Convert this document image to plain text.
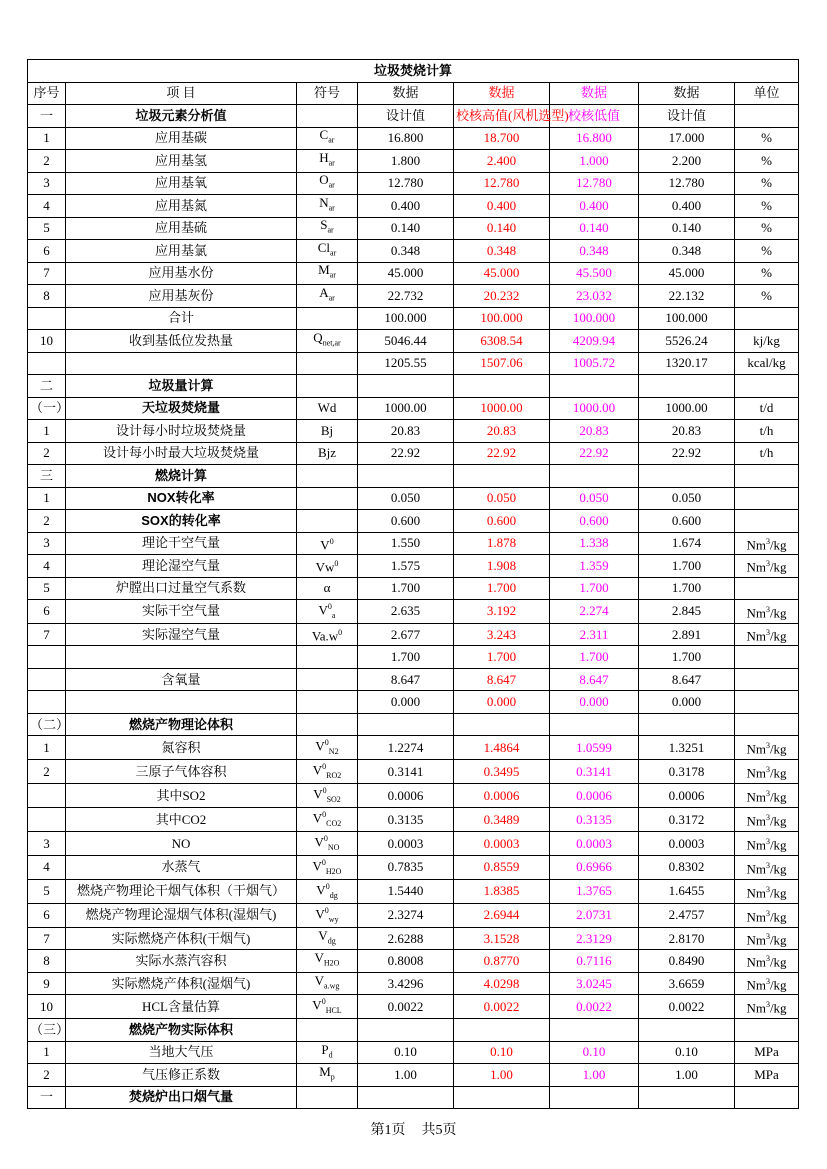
垃圾焚烧计算							
序号	项 目	符号	数据	数据	数据	数据	单位
一	垃圾元素分析值		设计值	校核高值(风机选型)	校核低值	设计值	
1	应用基碳	$C_{ar}$	16.800	18.700	16.800	17.000	%
2	应用基氢	$H_{ar}$	1.800	2.400	1.000	2.200	%
3	应用基氧	$O_{ar}$	12.780	12.780	12.780	12.780	%
4	应用基氮	$N_{ar}$	0.400	0.400	0.400	0.400	%
5	应用基硫	$S_{ar}$	0.140	0.140	0.140	0.140	%
6	应用基氯	$Cl_{ar}$	0.348	0.348	0.348	0.348	%
7	应用基水份	$M_{ar}$	45.000	45.000	45.500	45.000	%
8	应用基灰份	$A_{ar}$	22.732	20.232	23.032	22.132	%
	合计		100.000	100.000	100.000	100.000	
10	收到基低位发热量	$Q_{net,ar}$	5046.44	6308.54	4209.94	5526.24	kj/kg
			1205.55	1507.06	1005.72	1320.17	kcal/kg
二	垃圾量计算						
（一）	天垃圾焚烧量	Wd	1000.00	1000.00	1000.00	1000.00	t/d
1	设计每小时垃圾焚烧量	Bj	20.83	20.83	20.83	20.83	t/h
2	设计每小时最大垃圾焚烧量	Bjz	22.92	22.92	22.92	22.92	t/h
三	燃烧计算						
1	NOX转化率		0.050	0.050	0.050	0.050	
2	SOX的转化率		0.600	0.600	0.600	0.600	
3	理论干空气量	$V^0$	1.550	1.878	1.338	1.674	Nm$^3$/kg
4	理论湿空气量	Vw$^0$	1.575	1.908	1.359	1.700	Nm$^3$/kg
5	炉膛出口过量空气系数	α	1.700	1.700	1.700	1.700	
6	实际干空气量	$V^0_a$	2.635	3.192	2.274	2.845	Nm$^3$/kg
7	实际湿空气量	$Va.w^0$	2.677	3.243	2.311	2.891	Nm$^3$/kg
			1.700	1.700	1.700	1.700	
	含氧量		8.647	8.647	8.647	8.647	
			0.000	0.000	0.000	0.000	
（二）	燃烧产物理论体积						
1	氮容积	$V^0_{N2}$	1.2274	1.4864	1.0599	1.3251	Nm$^3$/kg
2	三原子气体容积	$V^0_{RO2}$	0.3141	0.3495	0.3141	0.3178	Nm$^3$/kg
	其中SO2	$V^0_{SO2}$	0.0006	0.0006	0.0006	0.0006	Nm$^3$/kg
	其中CO2	$V^0_{CO2}$	0.3135	0.3489	0.3135	0.3172	Nm$^3$/kg
3	NO	$V^0_{NO}$	0.0003	0.0003	0.0003	0.0003	Nm$^3$/kg
4	水蒸气	$V^0_{H2O}$	0.7835	0.8559	0.6966	0.8302	Nm$^3$/kg
5	燃烧产物理论干烟气体积（干烟气）	$V^0_{dg}$	1.5440	1.8385	1.3765	1.6455	Nm$^3$/kg
6	燃烧产物理论湿烟气体积(湿烟气)	$V^0_{wy}$	2.3274	2.6944	2.0731	2.4757	Nm$^3$/kg
7	实际燃烧产体积(干烟气)	$V_{dg}$	2.6288	3.1528	2.3129	2.8170	Nm$^3$/kg
8	实际水蒸汽容积	$V_{H2O}$	0.8008	0.8770	0.7116	0.8490	Nm$^3$/kg
9	实际燃烧产体积(湿烟气)	$V_{a.wg}$	3.4296	4.0298	3.0245	3.6659	Nm$^3$/kg
10	HCL含量估算	$V^0_{HCL}$	0.0022	0.0022	0.0022	0.0022	Nm$^3$/kg
（三）	燃烧产物实际体积						
1	当地大气压	$P_d$	0.10	0.10	0.10	0.10	MPa
2	气压修正系数	$M_p$	1.00	1.00	1.00	1.00	MPa
一	焚烧炉出口烟气量						
第1页 共5页
